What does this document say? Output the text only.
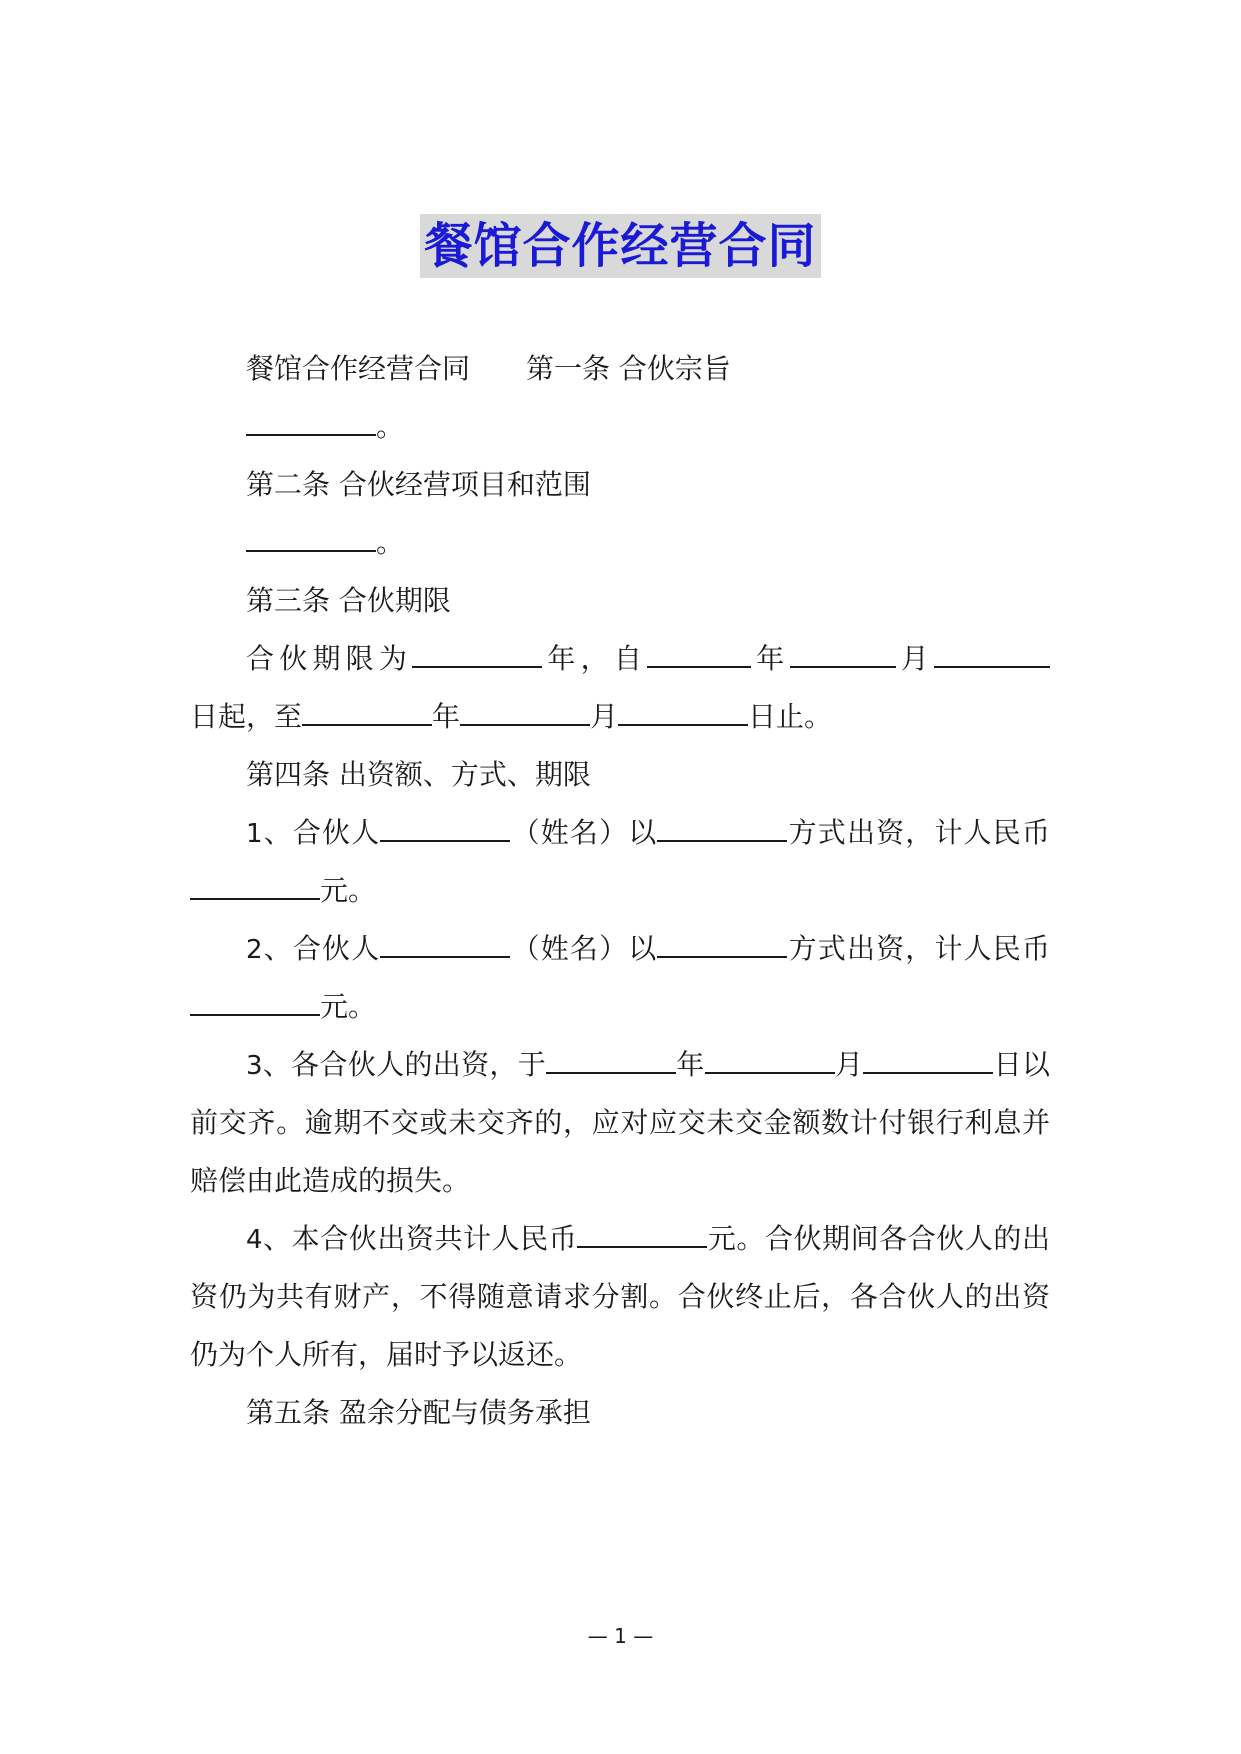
餐馆合作经营合同
餐馆合作经营合同 第一条 合伙宗旨
。
第二条 合伙经营项目和范围
。
第三条 合伙期限
合伙期限为	年，自	年	月
日起，至	年	月	日止。
第四条 出资额、方式、期限
1、合伙人	（姓名）以	方式出资，计人民币
元。
2、合伙人	（姓名）以	方式出资，计人民币
元。
3、各合伙人的出资，于	年	月	日以
前交齐。逾期不交或未交齐的，应对应交未交金额数计付银行利息并
赔偿由此造成的损失。
4、本合伙出资共计人民币	元。合伙期间各合伙人的出
资仍为共有财产，不得随意请求分割。合伙终止后，各合伙人的出资
仍为个人所有，届时予以返还。
第五条 盈余分配与债务承担
— 1 —
